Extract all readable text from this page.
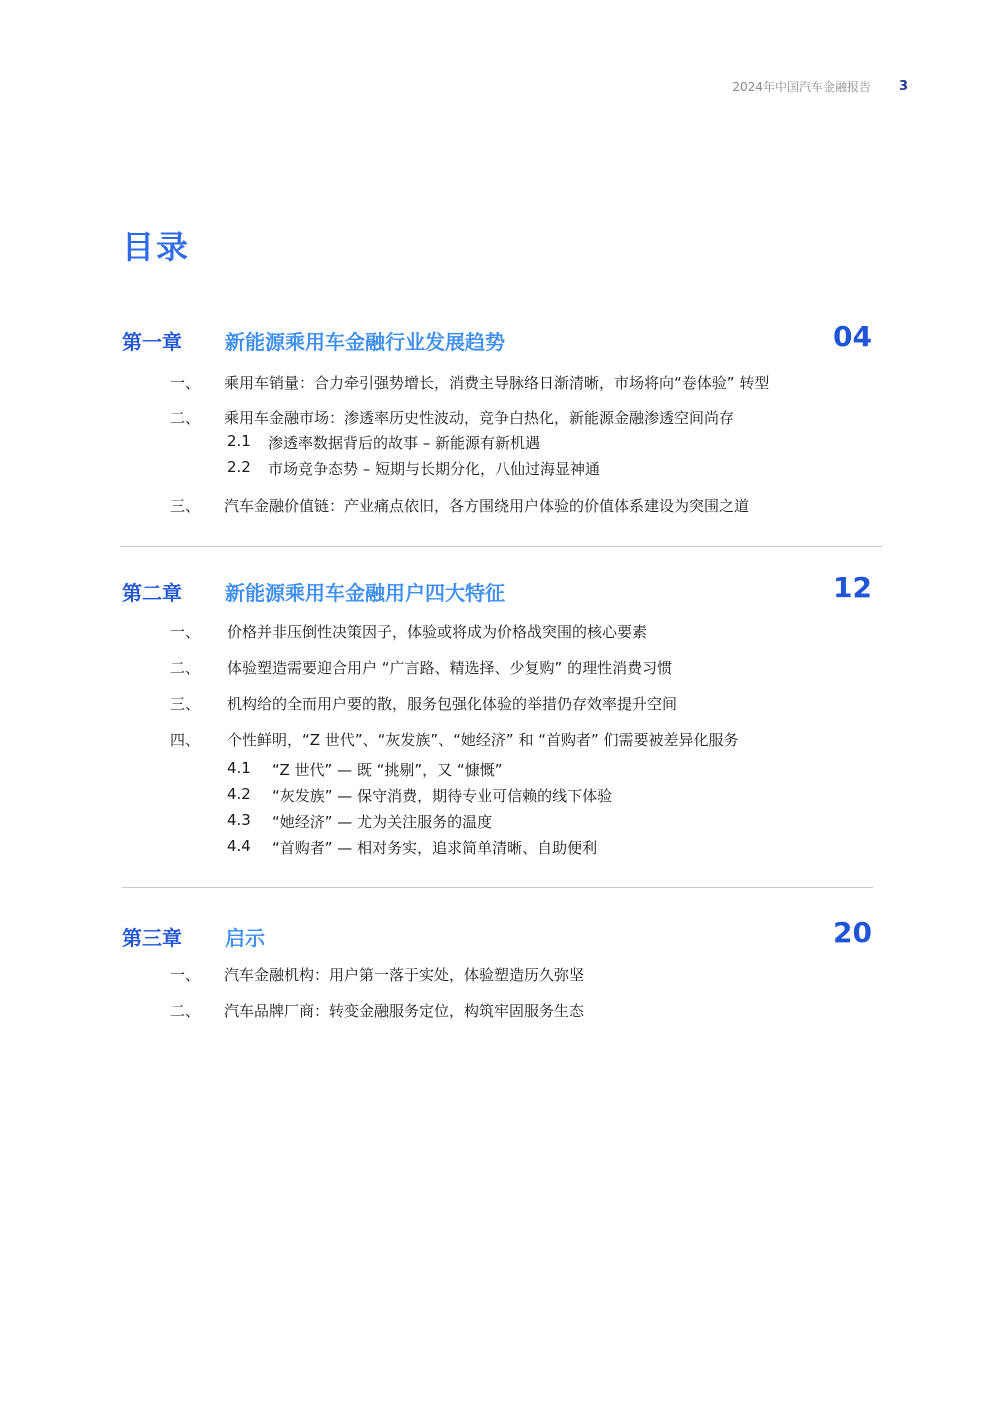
2024年中国汽车金融报告 3
目录
第一章 新能源乘用车金融行业发展趋势	04
一、 乘用车销量：合力牵引强势增长，消费主导脉络日渐清晰，市场将向“卷体验” 转型
二、 乘用车金融市场：渗透率历史性波动，竞争白热化，新能源金融渗透空间尚存
2.1 渗透率数据背后的故事 – 新能源有新机遇
2.2 市场竞争态势 – 短期与长期分化，八仙过海显神通
三、 汽车金融价值链：产业痛点依旧，各方围绕用户体验的价值体系建设为突围之道
第二章 新能源乘用车金融用户四大特征	12
一、 价格并非压倒性决策因子，体验或将成为价格战突围的核心要素
二、 体验塑造需要迎合用户 “广言路、精选择、少复购” 的理性消费习惯
三、 机构给的全而用户要的散，服务包强化体验的举措仍存效率提升空间
四、 个性鲜明，“Z 世代”、“灰发族”、“她经济” 和 “首购者” 们需要被差异化服务
4.1 “Z 世代” — 既 “挑剔”，又 “慷慨”
4.2 “灰发族” — 保守消费，期待专业可信赖的线下体验
4.3 “她经济” — 尤为关注服务的温度
4.4 “首购者” — 相对务实，追求简单清晰、自助便利
第三章 启示	20
一、 汽车金融机构：用户第一落于实处，体验塑造历久弥坚
二、 汽车品牌厂商：转变金融服务定位，构筑牢固服务生态
